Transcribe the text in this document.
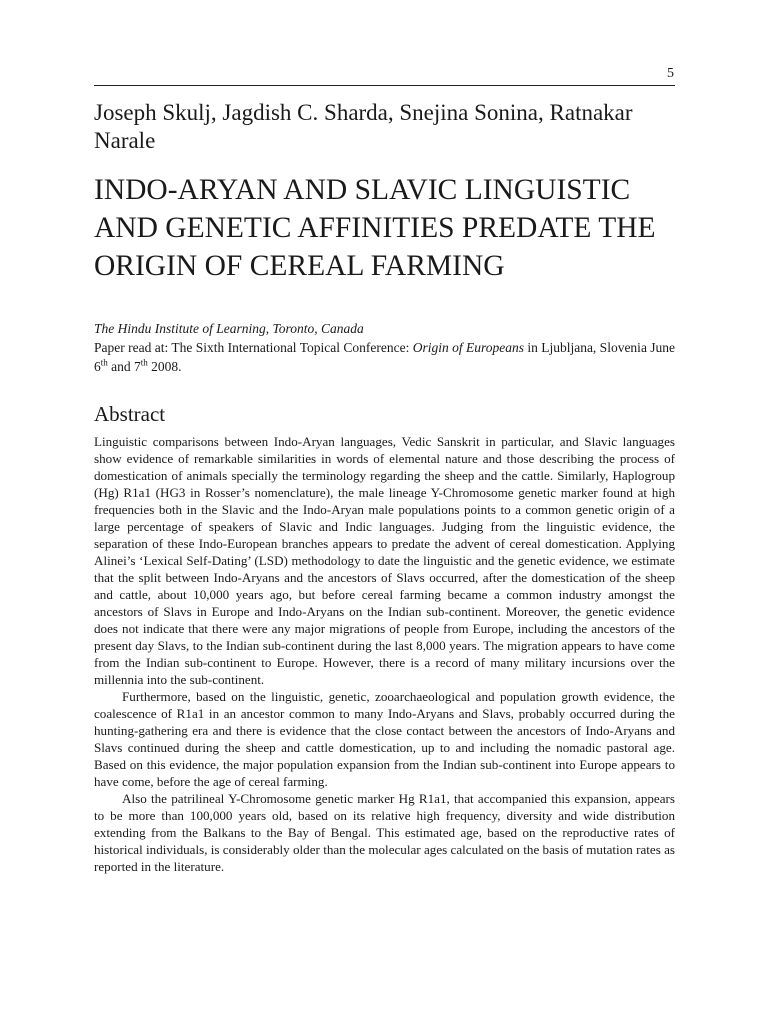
5
Joseph Skulj, Jagdish C. Sharda, Snejina Sonina, Ratnakar Narale
INDO-ARYAN AND SLAVIC LINGUISTIC AND GENETIC AFFINITIES PREDATE THE ORIGIN OF CEREAL FARMING
The Hindu Institute of Learning, Toronto, Canada
Paper read at: The Sixth International Topical Conference: Origin of Europeans in Ljubljana, Slovenia June 6th and 7th 2008.
Abstract

Linguistic comparisons between Indo-Aryan languages, Vedic Sanskrit in particular, and Slavic languages show evidence of remarkable similarities in words of elemental nature and those describing the process of domestication of animals specially the terminology regarding the sheep and the cattle. Similarly, Haplogroup (Hg) R1a1 (HG3 in Rosser’s nomenclature), the male lineage Y-Chromosome genetic marker found at high frequencies both in the Slavic and the Indo-Aryan male populations points to a common genetic origin of a large percentage of speakers of Slavic and Indic languages. Judging from the linguistic evidence, the separation of these Indo-European branches appears to predate the advent of cereal domestication. Applying Alinei’s ‘Lexical Self-Dating’ (LSD) methodology to date the linguistic and the genetic evidence, we estimate that the split between Indo-Aryans and the ancestors of Slavs occurred, after the domestication of the sheep and cattle, about 10,000 years ago, but before cereal farming became a common industry amongst the ancestors of Slavs in Europe and Indo-Aryans on the Indian sub-continent. Moreover, the genetic evidence does not indicate that there were any major migrations of people from Europe, including the ancestors of the present day Slavs, to the Indian sub-continent during the last 8,000 years. The migration appears to have come from the Indian sub-continent to Europe. However, there is a record of many military incursions over the millennia into the sub-continent.

Furthermore, based on the linguistic, genetic, zooarchaeological and population growth evidence, the coalescence of R1a1 in an ancestor common to many Indo-Aryans and Slavs, probably occurred during the hunting-gathering era and there is evidence that the close contact between the ancestors of Indo-Aryans and Slavs continued during the sheep and cattle domestication, up to and including the nomadic pastoral age. Based on this evidence, the major population expansion from the Indian sub-continent into Europe appears to have come, before the age of cereal farming.

Also the patrilineal Y-Chromosome genetic marker Hg R1a1, that accompanied this expansion, appears to be more than 100,000 years old, based on its relative high frequency, diversity and wide distribution extending from the Balkans to the Bay of Bengal. This estimated age, based on the reproductive rates of historical individuals, is considerably older than the molecular ages calculated on the basis of mutation rates as reported in the literature.
